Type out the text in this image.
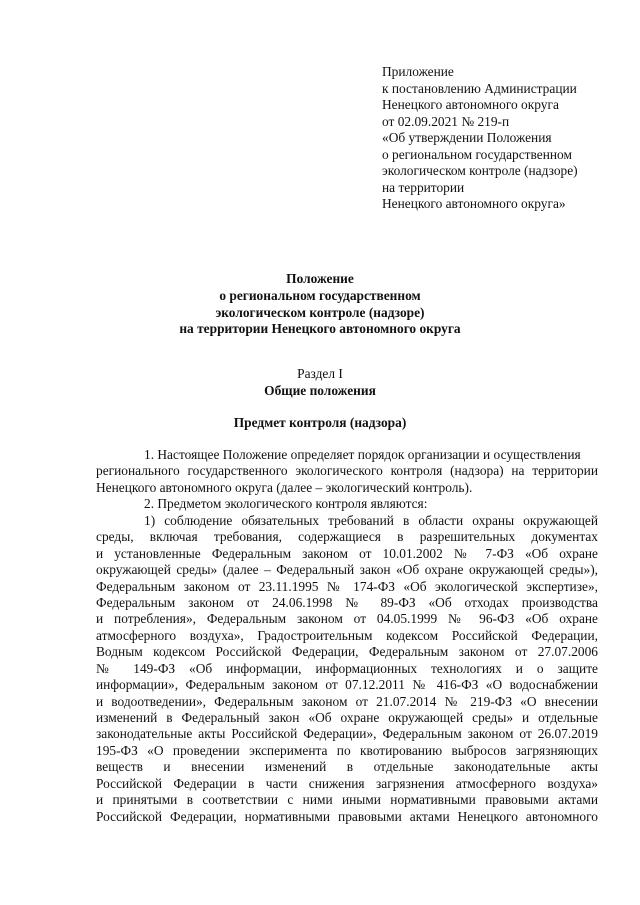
Приложение
к постановлению Администрации
Ненецкого автономного округа
от 02.09.2021 № 219-п
«Об утверждении Положения
о региональном государственном
экологическом контроле (надзоре)
на территории
Ненецкого автономного округа»
Положение
о региональном государственном
экологическом контроле (надзоре)
на территории Ненецкого автономного округа
Раздел I
Общие положения
Предмет контроля (надзора)
1. Настоящее Положение определяет порядок организации и осуществления
регионального государственного экологического контроля (надзора) на территории
Ненецкого автономного округа (далее – экологический контроль).
2. Предметом экологического контроля являются:
1) соблюдение обязательных требований в области охраны окружающей
среды, включая требования, содержащиеся в разрешительных документах
и установленные Федеральным законом от 10.01.2002 № 7-ФЗ «Об охране
окружающей среды» (далее – Федеральный закон «Об охране окружающей среды»),
Федеральным законом от 23.11.1995 № 174-ФЗ «Об экологической экспертизе»,
Федеральным законом от 24.06.1998 № 89-ФЗ «Об отходах производства
и потребления», Федеральным законом от 04.05.1999 № 96-ФЗ «Об охране
атмосферного воздуха», Градостроительным кодексом Российской Федерации,
Водным кодексом Российской Федерации, Федеральным законом от 27.07.2006
№ 149-ФЗ «Об информации, информационных технологиях и о защите
информации», Федеральным законом от 07.12.2011 № 416-ФЗ «О водоснабжении
и водоотведении», Федеральным законом от 21.07.2014 № 219-ФЗ «О внесении
изменений в Федеральный закон «Об охране окружающей среды» и отдельные
законодательные акты Российской Федерации», Федеральным законом от 26.07.2019
195-ФЗ «О проведении эксперимента по квотированию выбросов загрязняющих
веществ и внесении изменений в отдельные законодательные акты
Российской Федерации в части снижения загрязнения атмосферного воздуха»
и принятыми в соответствии с ними иными нормативными правовыми актами
Российской Федерации, нормативными правовыми актами Ненецкого автономного
